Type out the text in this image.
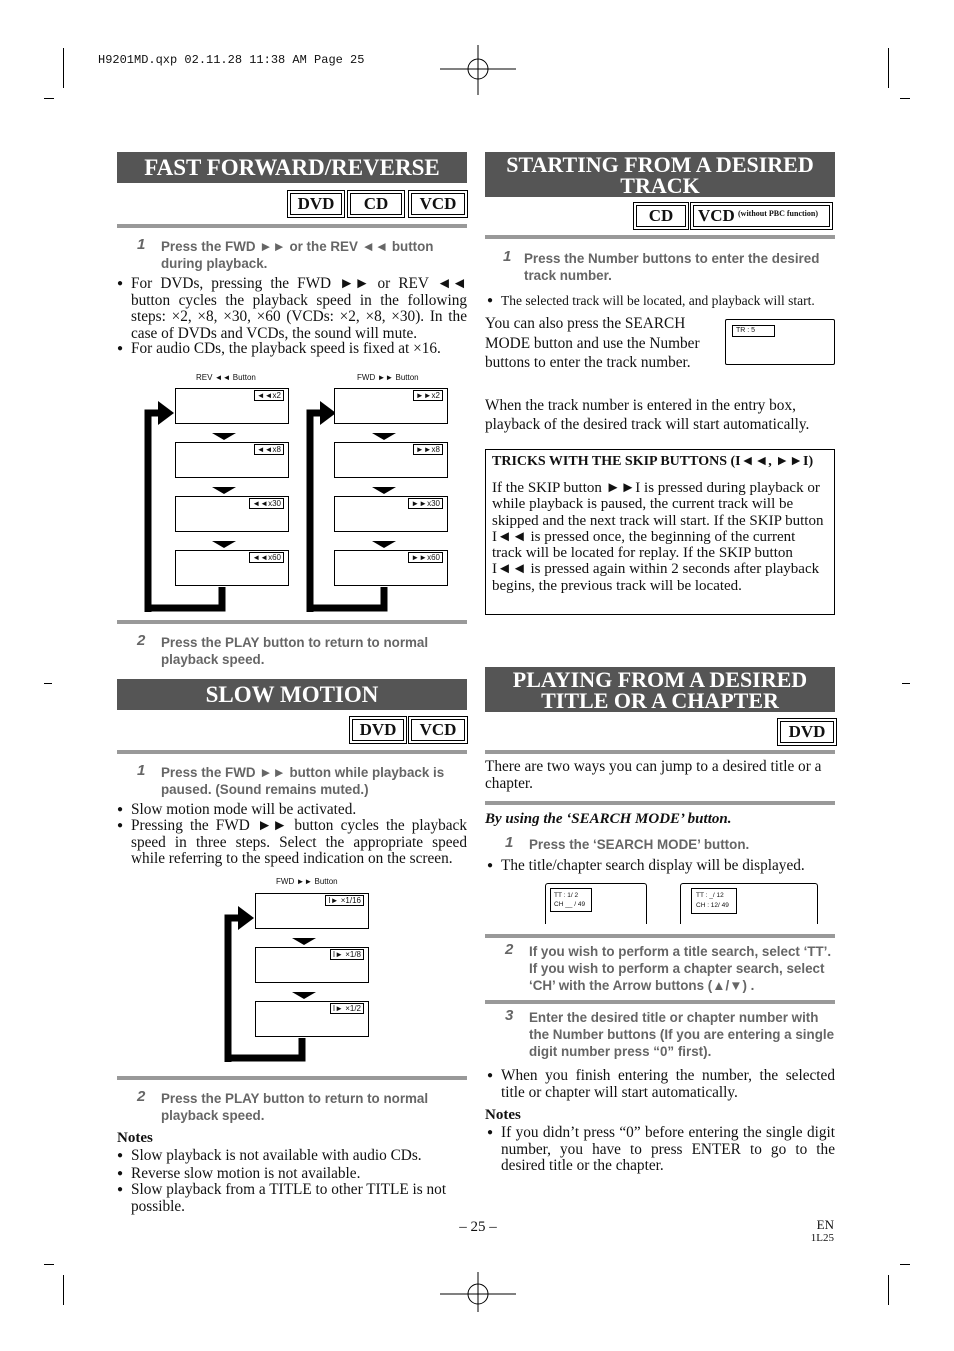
H9201MD.qxp 02.11.28 11:38 AM Page 25
FAST FORWARD/REVERSE
DVD	CD	VCD
1 Press the FWD ►► or the REV ◄◄ button during playback.
● For DVDs, pressing the FWD ►► or REV ◄◄ button cycles the playback speed in the following steps: ×2, ×8, ×30, ×60 (VCDs: ×2, ×8, ×30). In the case of DVDs and VCDs, the sound will mute.
● For audio CDs, the playback speed is fixed at ×16.
REV ◄◄ Button	FWD ►► Button
◄◄x2
◄◄x8
◄◄x30
◄◄x60
►►x2
►►x8
►►x30
►►x60
2 Press the PLAY button to return to normal playback speed.
SLOW MOTION
DVD	VCD
1 Press the FWD ►► button while playback is paused. (Sound remains muted.)
● Slow motion mode will be activated.
● Pressing the FWD ►► button cycles the playback speed in three steps. Select the appropriate speed while referring to the speed indication on the screen.
FWD ►► Button
I► ×1/16
I► ×1/8
I► ×1/2
2 Press the PLAY button to return to normal playback speed.
Notes
● Slow playback is not available with audio CDs.
● Reverse slow motion is not available.
● Slow playback from a TITLE to other TITLE is not possible.
STARTING FROM A DESIRED
TRACK
CD	VCD (without PBC function)
1 Press the Number buttons to enter the desired track number.
● The selected track will be located, and playback will start.
You can also press the SEARCH MODE button and use the Number buttons to enter the track number.
TR : 5
When the track number is entered in the entry box, playback of the desired track will start automatically.
TRICKS WITH THE SKIP BUTTONS (I◄◄, ►►I)
If the SKIP button ►►I is pressed during playback or while playback is paused, the current track will be skipped and the next track will start. If the SKIP button I◄◄ is pressed once, the beginning of the current track will be located for replay. If the SKIP button I◄◄ is pressed again within 2 seconds after playback begins, the previous track will be located.
PLAYING FROM A DESIRED
TITLE OR A CHAPTER
DVD
There are two ways you can jump to a desired title or a chapter.
By using the ‘SEARCH MODE’ button.
1 Press the ‘SEARCH MODE’ button.
● The title/chapter search display will be displayed.
TT : 1/ 2
CH __ / 49
TT : _/ 12
CH : 12/ 49
2 If you wish to perform a title search, select ‘TT’. If you wish to perform a chapter search, select ‘CH’ with the Arrow buttons (▲/▼) .
3 Enter the desired title or chapter number with the Number buttons (If you are entering a single digit number press “0” first).
● When you finish entering the number, the selected title or chapter will start automatically.
Notes
● If you didn’t press “0” before entering the single digit number, you have to press ENTER to go to the desired title or the chapter.
– 25 –	EN
1L25
